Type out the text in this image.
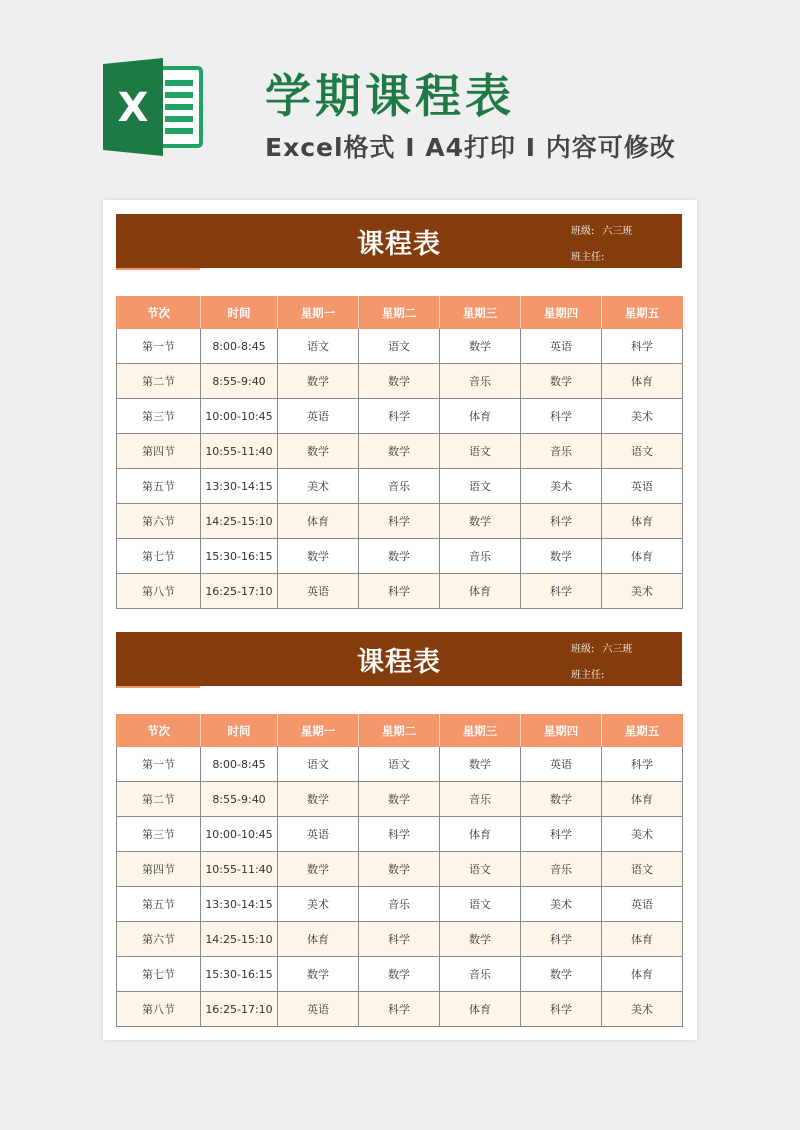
X	学期课程表
Excel格式 I A4打印 I 内容可修改
课程表	班级: 六三班
班主任:
节次	时间	星期一	星期二	星期三	星期四	星期五
第一节	8:00-8:45	语文	语文	数学	英语	科学
第二节	8:55-9:40	数学	数学	音乐	数学	体育
第三节	10:00-10:45	英语	科学	体育	科学	美术
第四节	10:55-11:40	数学	数学	语文	音乐	语文
第五节	13:30-14:15	美术	音乐	语文	美术	英语
第六节	14:25-15:10	体育	科学	数学	科学	体育
第七节	15:30-16:15	数学	数学	音乐	数学	体育
第八节	16:25-17:10	英语	科学	体育	科学	美术
课程表	班级: 六三班
班主任:
节次	时间	星期一	星期二	星期三	星期四	星期五
第一节	8:00-8:45	语文	语文	数学	英语	科学
第二节	8:55-9:40	数学	数学	音乐	数学	体育
第三节	10:00-10:45	英语	科学	体育	科学	美术
第四节	10:55-11:40	数学	数学	语文	音乐	语文
第五节	13:30-14:15	美术	音乐	语文	美术	英语
第六节	14:25-15:10	体育	科学	数学	科学	体育
第七节	15:30-16:15	数学	数学	音乐	数学	体育
第八节	16:25-17:10	英语	科学	体育	科学	美术
